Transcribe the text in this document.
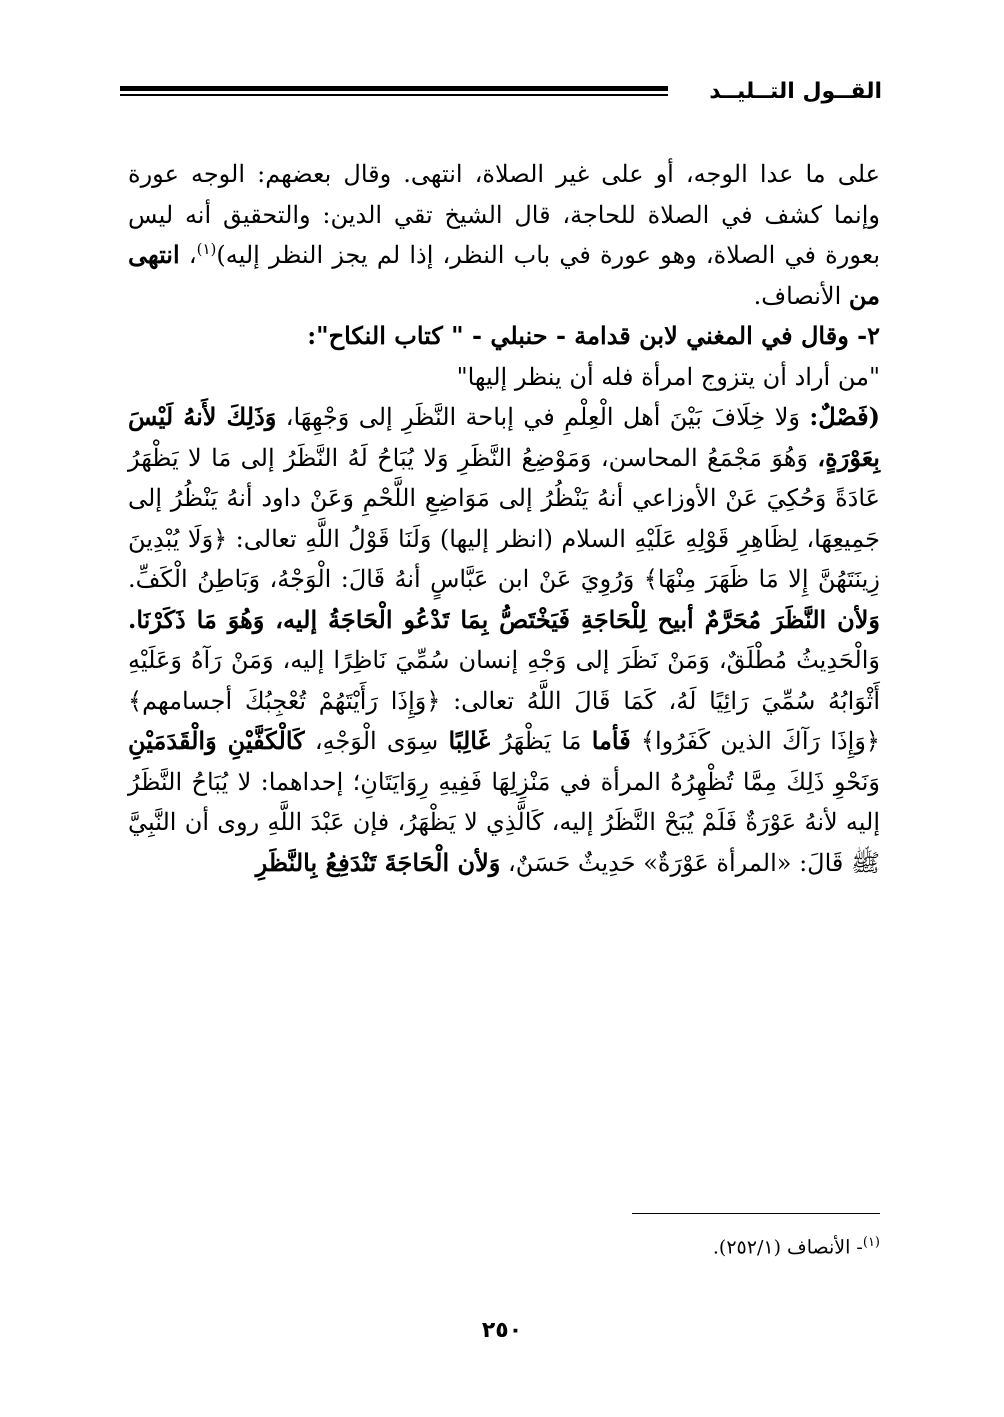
القــول التــليــد

على ما عدا الوجه، أو على غير الصلاة، انتهى. وقال بعضهم: الوجه عورة وإنما كشف في الصلاة للحاجة، قال الشيخ تقي الدين: والتحقيق أنه ليس بعورة في الصلاة، وهو عورة في باب النظر، إذا لم يجز النظر إليه)$^{(١)}$، انتهى من الأنصاف.

٢- وقال في المغني لابن قدامة - حنبلي - " كتاب النكاح":

"من أراد أن يتزوج امرأة فله أن ينظر إليها"

(فَصْلٌ: وَلا خِلَافَ بَيْنَ أهل الْعِلْمِ في إباحة النَّظَرِ إلى وَجْهِهَا، وَذَلِكَ لأَنهُ لَيْسَ بِعَوْرَةٍ، وَهُوَ مَجْمَعُ المحاسن، وَمَوْضِعُ النَّظَرِ وَلا يُبَاحُ لَهُ النَّظَرُ إلى مَا لا يَظْهَرُ عَادَةً وَحُكِيَ عَنْ الأوزاعي أنهُ يَنْظُرُ إلى مَوَاضِعِ اللَّحْمِ وَعَنْ داود أنهُ يَنْظُرُ إلى جَمِيعِهَا، لِظَاهِرِ قَوْلِهِ عَلَيْهِ السلام (انظر إليها) وَلَنَا قَوْلُ اللَّهِ تعالى: ﴿وَلَا يُبْدِينَ زِينَتَهُنَّ إِلا مَا ظَهَرَ مِنْهَا﴾ وَرُوِيَ عَنْ ابن عَبَّاسٍ أنهُ قَالَ: الْوَجْهُ، وَبَاطِنُ الْكَفِّ. وَلأن النَّظَرَ مُحَرَّمٌ أبيح لِلْحَاجَةِ فَيَخْتَصُّ بِمَا تَدْعُو الْحَاجَةُ إليه، وَهُوَ مَا ذَكَرْنَا. وَالْحَدِيثُ مُطْلَقٌ، وَمَنْ نَظَرَ إلى وَجْهِ إنسان سُمِّيَ نَاظِرًا إليه، وَمَنْ رَآهُ وَعَلَيْهِ أَثْوَابُهُ سُمِّيَ رَائِيًا لَهُ، كَمَا قَالَ اللَّهُ تعالى: ﴿وَإِذَا رَأَيْتَهُمْ تُعْجِبُكَ أجسامهم﴾ ﴿وَإِذَا رَآكَ الذين كَفَرُوا﴾ فَأما مَا يَظْهَرُ غَالِبًا سِوَى الْوَجْهِ، كَالْكَفَّيْنِ وَالْقَدَمَيْنِ وَنَحْوِ ذَلِكَ مِمَّا تُظْهِرُهُ المرأة في مَنْزِلِهَا فَفِيهِ رِوَايَتَانِ؛ إحداهما: لا يُبَاحُ النَّظَرُ إليه لأنهُ عَوْرَةٌ فَلَمْ يُبَحْ النَّظَرُ إليه، كَالَّذِي لا يَظْهَرُ، فإن عَبْدَ اللَّهِ روى أن النَّبِيَّ ﷺ قَالَ: «المرأة عَوْرَةٌ» حَدِيثٌ حَسَنٌ، وَلأن الْحَاجَةَ تَنْدَفِعُ بِالنَّظَرِ

$^{(١)}$- الأنصاف (٢٥٢/١).
٢٥٠
